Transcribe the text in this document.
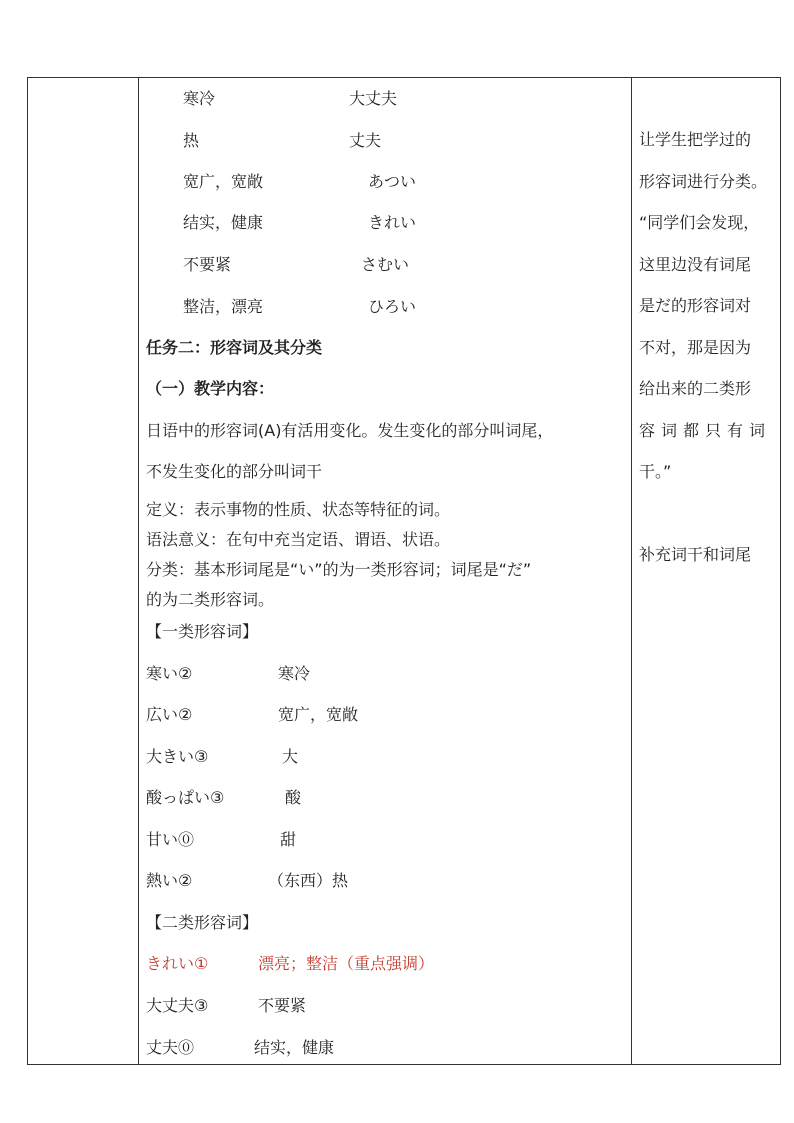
寒冷	大丈夫
热	丈夫
宽广，宽敞	あつい
结实，健康	きれい
不要紧	さむい
整洁，漂亮	ひろい
任务二：形容词及其分类
（一）教学内容：
日语中的形容词(A)有活用变化。发生变化的部分叫词尾，
不发生变化的部分叫词干
定义：表示事物的性质、状态等特征的词。
语法意义：在句中充当定语、谓语、状语。
分类：基本形词尾是“い”的为一类形容词；词尾是“だ”
的为二类形容词。
【一类形容词】
寒い②	寒冷
広い②	宽广，宽敞
大きい③	大
酸っぱい③	酸
甘い⓪	甜
熱い②	（东西）热
【二类形容词】
きれい①	漂亮；整洁（重点强调）
大丈夫③	不要紧
丈夫⓪	结实，健康
让学生把学过的
形容词进行分类。
“同学们会发现，
这里边没有词尾
是だ的形容词对
不对，那是因为
给出来的二类形
容词都只有词
干。”
补充词干和词尾
